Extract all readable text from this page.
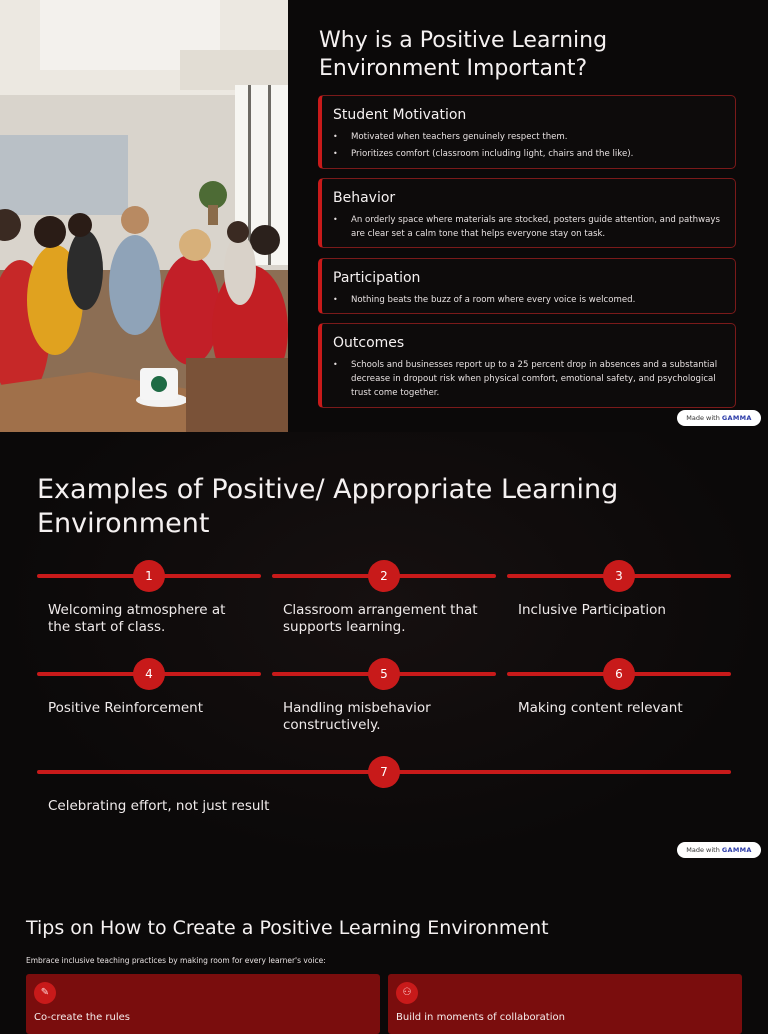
Why is a Positive Learning Environment Important?
Student Motivation
• Motivated when teachers genuinely respect them.
• Prioritizes comfort (classroom including light, chairs and the like).
Behavior
• An orderly space where materials are stocked, posters guide attention, and pathways are clear set a calm tone that helps everyone stay on task.
Participation
• Nothing beats the buzz of a room where every voice is welcomed.
Outcomes
• Schools and businesses report up to a 25 percent drop in absences and a substantial decrease in dropout risk when physical comfort, emotional safety, and psychological trust come together.
Made with GAMMA
Examples of Positive/ Appropriate Learning Environment
1
Welcoming atmosphere at the start of class.
2
Classroom arrangement that supports learning.
3
Inclusive Participation
4
Positive Reinforcement
5
Handling misbehavior constructively.
6
Making content relevant
7
Celebrating effort, not just result
Made with GAMMA
Tips on How to Create a Positive Learning Environment
Embrace inclusive teaching practices by making room for every learner's voice:
✎
Co-create the rules
⚇
Build in moments of collaboration
